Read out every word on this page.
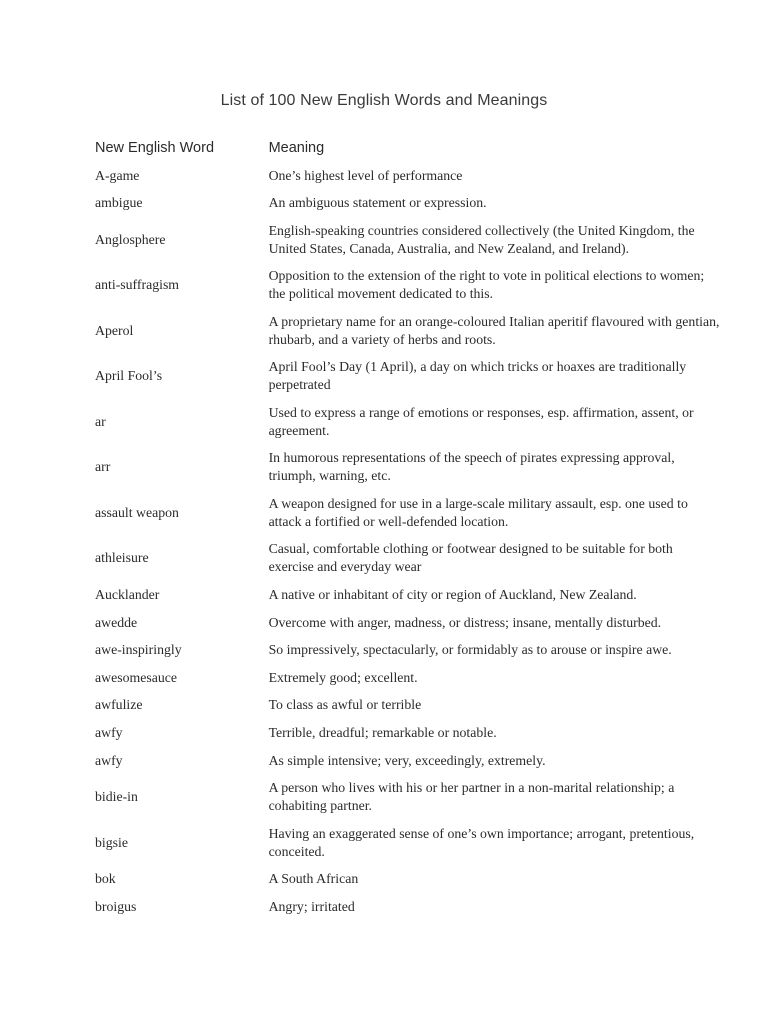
List of 100 New English Words and Meanings
New English Word	Meaning
A-game	One’s highest level of performance
ambigue	An ambiguous statement or expression.
Anglosphere	English-speaking countries considered collectively (the United Kingdom, the United States, Canada, Australia, and New Zealand, and Ireland).
anti-suffragism	Opposition to the extension of the right to vote in political elections to women; the political movement dedicated to this.
Aperol	A proprietary name for an orange-coloured Italian aperitif flavoured with gentian, rhubarb, and a variety of herbs and roots.
April Fool’s	April Fool’s Day (1 April), a day on which tricks or hoaxes are traditionally perpetrated
ar	Used to express a range of emotions or responses, esp. affirmation, assent, or agreement.
arr	In humorous representations of the speech of pirates expressing approval, triumph, warning, etc.
assault weapon	A weapon designed for use in a large-scale military assault, esp. one used to attack a fortified or well-defended location.
athleisure	Casual, comfortable clothing or footwear designed to be suitable for both exercise and everyday wear
Aucklander	A native or inhabitant of city or region of Auckland, New Zealand.
awedde	Overcome with anger, madness, or distress; insane, mentally disturbed.
awe-inspiringly	So impressively, spectacularly, or formidably as to arouse or inspire awe.
awesomesauce	Extremely good; excellent.
awfulize	To class as awful or terrible
awfy	Terrible, dreadful; remarkable or notable.
awfy	As simple intensive; very, exceedingly, extremely.
bidie-in	A person who lives with his or her partner in a non-marital relationship; a cohabiting partner.
bigsie	Having an exaggerated sense of one’s own importance; arrogant, pretentious, conceited.
bok	A South African
broigus	Angry; irritated
